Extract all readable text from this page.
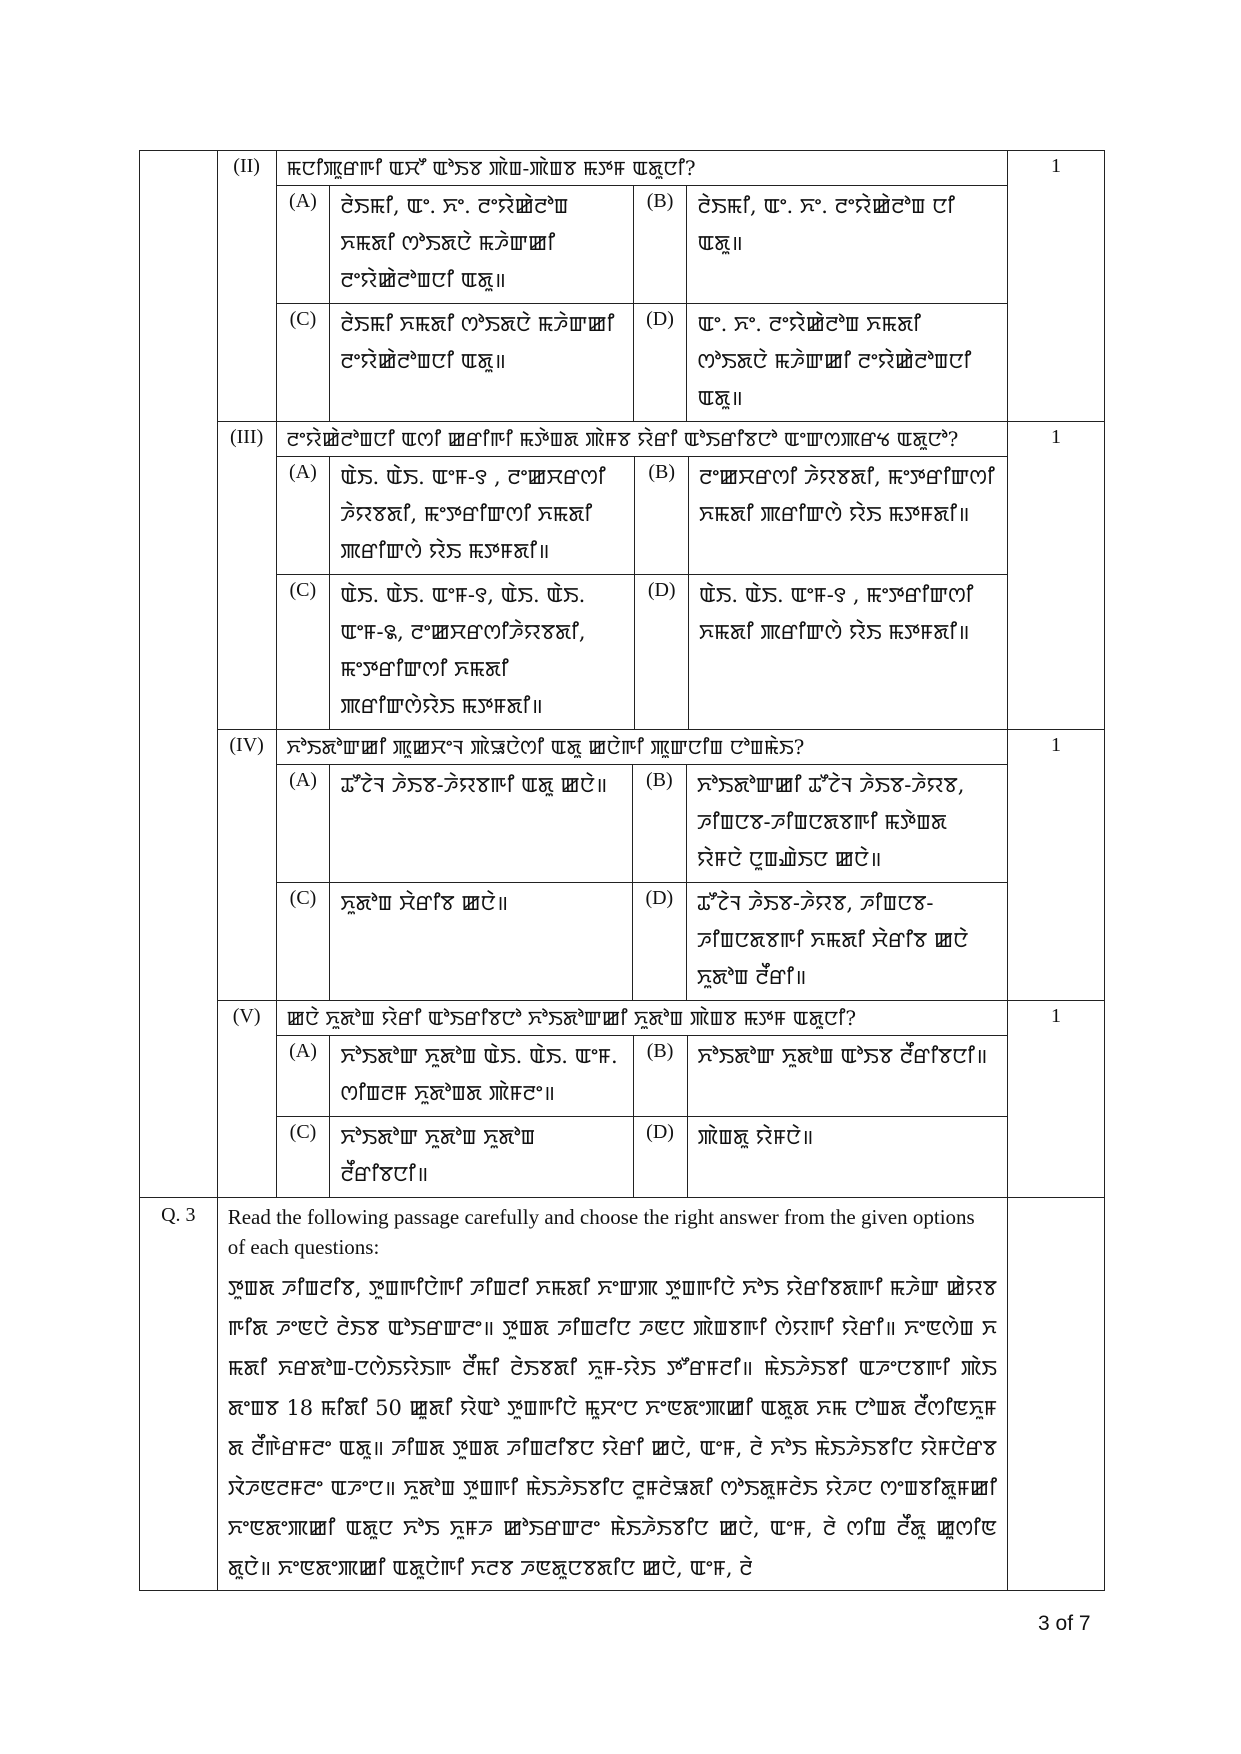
	(II)	ꯃꯅꯤꯄꯨꯔꯒꯤ ꯑꯆꯧ ꯑꯣꯏꯕ ꯄꯥꯡ-ꯄꯥꯡꯕ ꯃꯇꯝ ꯑꯗꯨꯅꯤ?	1

(A)	ꯂꯥꯏꯃꯤ, ꯑꯦ. ꯈꯦ. ꯂꯦꯌꯥꯀꯥꯂꯣꯡ ꯈꯃꯗꯤ ꯁꯣꯏꯗꯅꯥ ꯃꯍꯥꯛꯀꯤ ꯂꯦꯌꯥꯀꯥꯂꯣꯡꯅꯤ ꯑꯗꯨ॥	(B)	ꯂꯥꯏꯃꯤ, ꯑꯦ. ꯈꯦ. ꯂꯦꯌꯥꯀꯥꯂꯣꯡ ꯅꯤ ꯑꯗꯨ॥
(C)	ꯂꯥꯏꯃꯤ ꯈꯃꯗꯤ ꯁꯣꯏꯗꯅꯥ ꯃꯍꯥꯛꯀꯤ ꯂꯦꯌꯥꯀꯥꯂꯣꯡꯅꯤ ꯑꯗꯨ॥	(D)	ꯑꯦ. ꯈꯦ. ꯂꯦꯌꯥꯀꯥꯂꯣꯡ ꯈꯃꯗꯤ ꯁꯣꯏꯗꯅꯥ ꯃꯍꯥꯛꯀꯤ ꯂꯦꯌꯥꯀꯥꯂꯣꯡꯅꯤ ꯑꯗꯨ॥

(III)	ꯂꯦꯌꯥꯀꯥꯂꯣꯡꯅꯤ ꯑꯁꯤ ꯀꯔꯤꯒꯤ ꯃꯇꯥꯡꯗ ꯄꯥꯝꯕ ꯌꯥꯔꯤ ꯑꯣꯏꯔꯤꯕꯅꯣ ꯑꯦꯛꯁꯄꯔꯠ ꯑꯗꯨꯅꯣ?	1

(A)	ꯑꯥꯏ. ꯑꯥꯏ. ꯑꯦꯝ-꯱ , ꯂꯦꯀꯆꯔꯁꯤ ꯍꯥꯌꯕꯗꯤ, ꯃꯦꯇꯔꯤꯛꯁꯤ ꯈꯃꯗꯤ ꯄꯔꯤꯛꯁꯥ ꯌꯥꯏ ꯃꯇꯝꯗꯤ॥	(B)	ꯂꯦꯀꯆꯔꯁꯤ ꯍꯥꯌꯕꯗꯤ, ꯃꯦꯇꯔꯤꯛꯁꯤ ꯈꯃꯗꯤ ꯄꯔꯤꯛꯁꯥ ꯌꯥꯏ ꯃꯇꯝꯗꯤ॥
(C)	ꯑꯥꯏ. ꯑꯥꯏ. ꯑꯦꯝ-꯱, ꯑꯥꯏ. ꯑꯥꯏ. ꯑꯦꯝ-꯲, ꯂꯦꯀꯆꯔꯁꯤꯍꯥꯌꯕꯗꯤ, ꯃꯦꯇꯔꯤꯛꯁꯤ ꯈꯃꯗꯤ ꯄꯔꯤꯛꯁꯥꯌꯥꯏ ꯃꯇꯝꯗꯤ॥	(D)	ꯑꯥꯏ. ꯑꯥꯏ. ꯑꯦꯝ-꯱ , ꯃꯦꯇꯔꯤꯛꯁꯤ ꯈꯃꯗꯤ ꯄꯔꯤꯛꯁꯥ ꯌꯥꯏ ꯃꯇꯝꯗꯤ॥

(IV)	ꯈꯣꯏꯗꯣꯛꯀꯤ ꯄꯨꯀꯆꯦꯜ ꯄꯥꯎꯅꯥꯁꯤ ꯑꯗꯨ ꯀꯅꯥꯒꯤ ꯄꯨꯛꯅꯤꯡ ꯅꯣꯡꯃꯥꯏ?	1

(A)	ꯊꯧꯖꯥꯜ ꯍꯥꯏꯕ-ꯍꯥꯌꯕꯒꯤ ꯑꯗꯨ ꯀꯅꯥ॥	(B)	ꯈꯣꯏꯗꯣꯛꯀꯤ ꯊꯧꯖꯥꯜ ꯍꯥꯏꯕ-ꯍꯥꯌꯕ, ꯍꯤꯡꯅꯕ-ꯍꯤꯡꯅꯗꯕꯒꯤ ꯃꯇꯥꯡꯗ ꯌꯥꯝꯅꯥ ꯅꯨꯡꯉꯥꯏꯅ ꯀꯅꯥ॥
(C)	ꯈꯨꯗꯣꯡ ꯆꯥꯔꯤꯕ ꯀꯅꯥ॥	(D)	ꯊꯧꯖꯥꯜ ꯍꯥꯏꯕ-ꯍꯥꯌꯕ, ꯍꯤꯡꯅꯕ-ꯍꯤꯡꯅꯗꯕꯒꯤ ꯈꯃꯗꯤ ꯆꯥꯔꯤꯕ ꯀꯅꯥ ꯈꯨꯗꯣꯡ ꯂꯩꯔꯤ॥

(V)	ꯀꯅꯥ ꯈꯨꯗꯣꯡ ꯌꯥꯔꯤ ꯑꯣꯏꯔꯤꯕꯅꯣ ꯈꯣꯏꯗꯣꯛꯀꯤ ꯈꯨꯗꯣꯡ ꯄꯥꯡꯕ ꯃꯇꯝ ꯑꯗꯨꯅꯤ?	1

(A)	ꯈꯣꯏꯗꯣꯛ ꯈꯨꯗꯣꯡ ꯑꯥꯏ. ꯑꯥꯏ. ꯑꯦꯝ. ꯁꯤꯡꯂꯝ ꯈꯨꯗꯣꯡꯗ ꯄꯥꯝꯂꯦ॥	(B)	ꯈꯣꯏꯗꯣꯛ ꯈꯨꯗꯣꯡ ꯑꯣꯏꯕ ꯂꯩꯔꯤꯕꯅꯤ॥
(C)	ꯈꯣꯏꯗꯣꯛ ꯈꯨꯗꯣꯡ ꯈꯨꯗꯣꯡ ꯂꯩꯔꯤꯕꯅꯤ॥	(D)	ꯄꯥꯡꯗꯨ ꯌꯥꯝꯅꯥ॥

Q. 3	Read the following passage carefully and choose the right answer from the given options of each questions:
ꯇꯨꯡꯗ ꯍꯤꯡꯂꯤꯕ, ꯇꯨꯡꯒꯤꯅꯥꯒꯤ ꯍꯤꯡꯂꯤ ꯈꯃꯗꯤ ꯈꯦꯛꯄ ꯇꯨꯡꯒꯤꯅꯥ ꯈꯣꯏ ꯌꯥꯔꯤꯕꯗꯒꯤ ꯃꯍꯥꯛ ꯀꯥꯌꯕꯒꯤꯗ ꯍꯦꯟꯅꯥ ꯂꯥꯏꯕ ꯑꯣꯏꯔꯛꯂꯦ॥ ꯇꯨꯡꯗ ꯍꯤꯡꯂꯤꯅ ꯍꯟꯅ ꯄꯥꯡꯕꯒꯤ ꯁꯥꯌꯒꯤ ꯌꯥꯔꯤ॥ ꯈꯦꯟꯁꯥꯡ ꯈꯃꯗꯤ ꯈꯔꯗꯣꯡ-ꯅꯁꯥꯏꯌꯥꯏꯒ ꯂꯩꯃꯤ ꯂꯥꯏꯕꯗꯤ ꯈꯨꯝ-ꯌꯥꯏ ꯇꯧꯔꯝꯂꯤ॥ ꯃꯥꯏꯍꯥꯏꯕꯤ ꯑꯍꯦꯅꯕꯒꯤ ꯄꯥꯏꯗꯦꯡꯕ 18 ꯃꯤꯗꯤ 50 ꯀꯨꯗꯤ ꯌꯥꯑꯣ ꯇꯨꯡꯒꯤꯅꯥ ꯃꯨꯆꯦꯅ ꯈꯦꯟꯗꯦꯄꯀꯤ ꯑꯗꯨꯗ ꯈꯃ ꯅꯣꯡꯗ ꯂꯩꯁꯤꯟꯈꯨꯝꯗ ꯂꯩꯒꯥꯔꯝꯂꯦ ꯑꯗꯨ॥ ꯍꯤꯡꯗ ꯇꯨꯡꯗ ꯍꯤꯡꯂꯤꯕꯅ ꯌꯥꯔꯤ ꯀꯅꯥ, ꯑꯦꯝ, ꯂꯥ ꯈꯣꯏ ꯃꯥꯏꯍꯥꯏꯕꯤꯅ ꯌꯥꯝꯅꯥꯔꯕ ꯋꯥꯍꯟꯂꯝꯂꯦ ꯑꯍꯦꯅ॥ ꯈꯨꯗꯣꯡ ꯇꯨꯡꯒꯤ ꯃꯥꯏꯍꯥꯏꯕꯤꯅ ꯂꯨꯝꯂꯥꯎꯗꯤ ꯁꯣꯏꯗꯨꯝꯂꯥꯏ ꯌꯥꯍꯅ ꯁꯦꯡꯕꯤꯗꯨꯝꯀꯤ ꯈꯦꯟꯗꯦꯄꯀꯤ ꯑꯗꯨꯅ ꯈꯣꯏ ꯈꯨꯝꯍ ꯀꯣꯏꯔꯛꯂꯦ ꯃꯥꯏꯍꯥꯏꯕꯤꯅ ꯀꯅꯥ, ꯑꯦꯝ, ꯂꯥ ꯁꯤꯡ ꯂꯩꯗꯨ ꯀꯨꯁꯤꯟꯗꯨꯅꯥ॥ ꯈꯦꯟꯗꯦꯄꯀꯤ ꯑꯗꯨꯅꯥꯒꯤ ꯈꯂꯕ ꯍꯟꯗꯨꯅꯕꯗꯤꯅ ꯀꯅꯥ, ꯑꯦꯝ, ꯂꯥ

3 of 7
